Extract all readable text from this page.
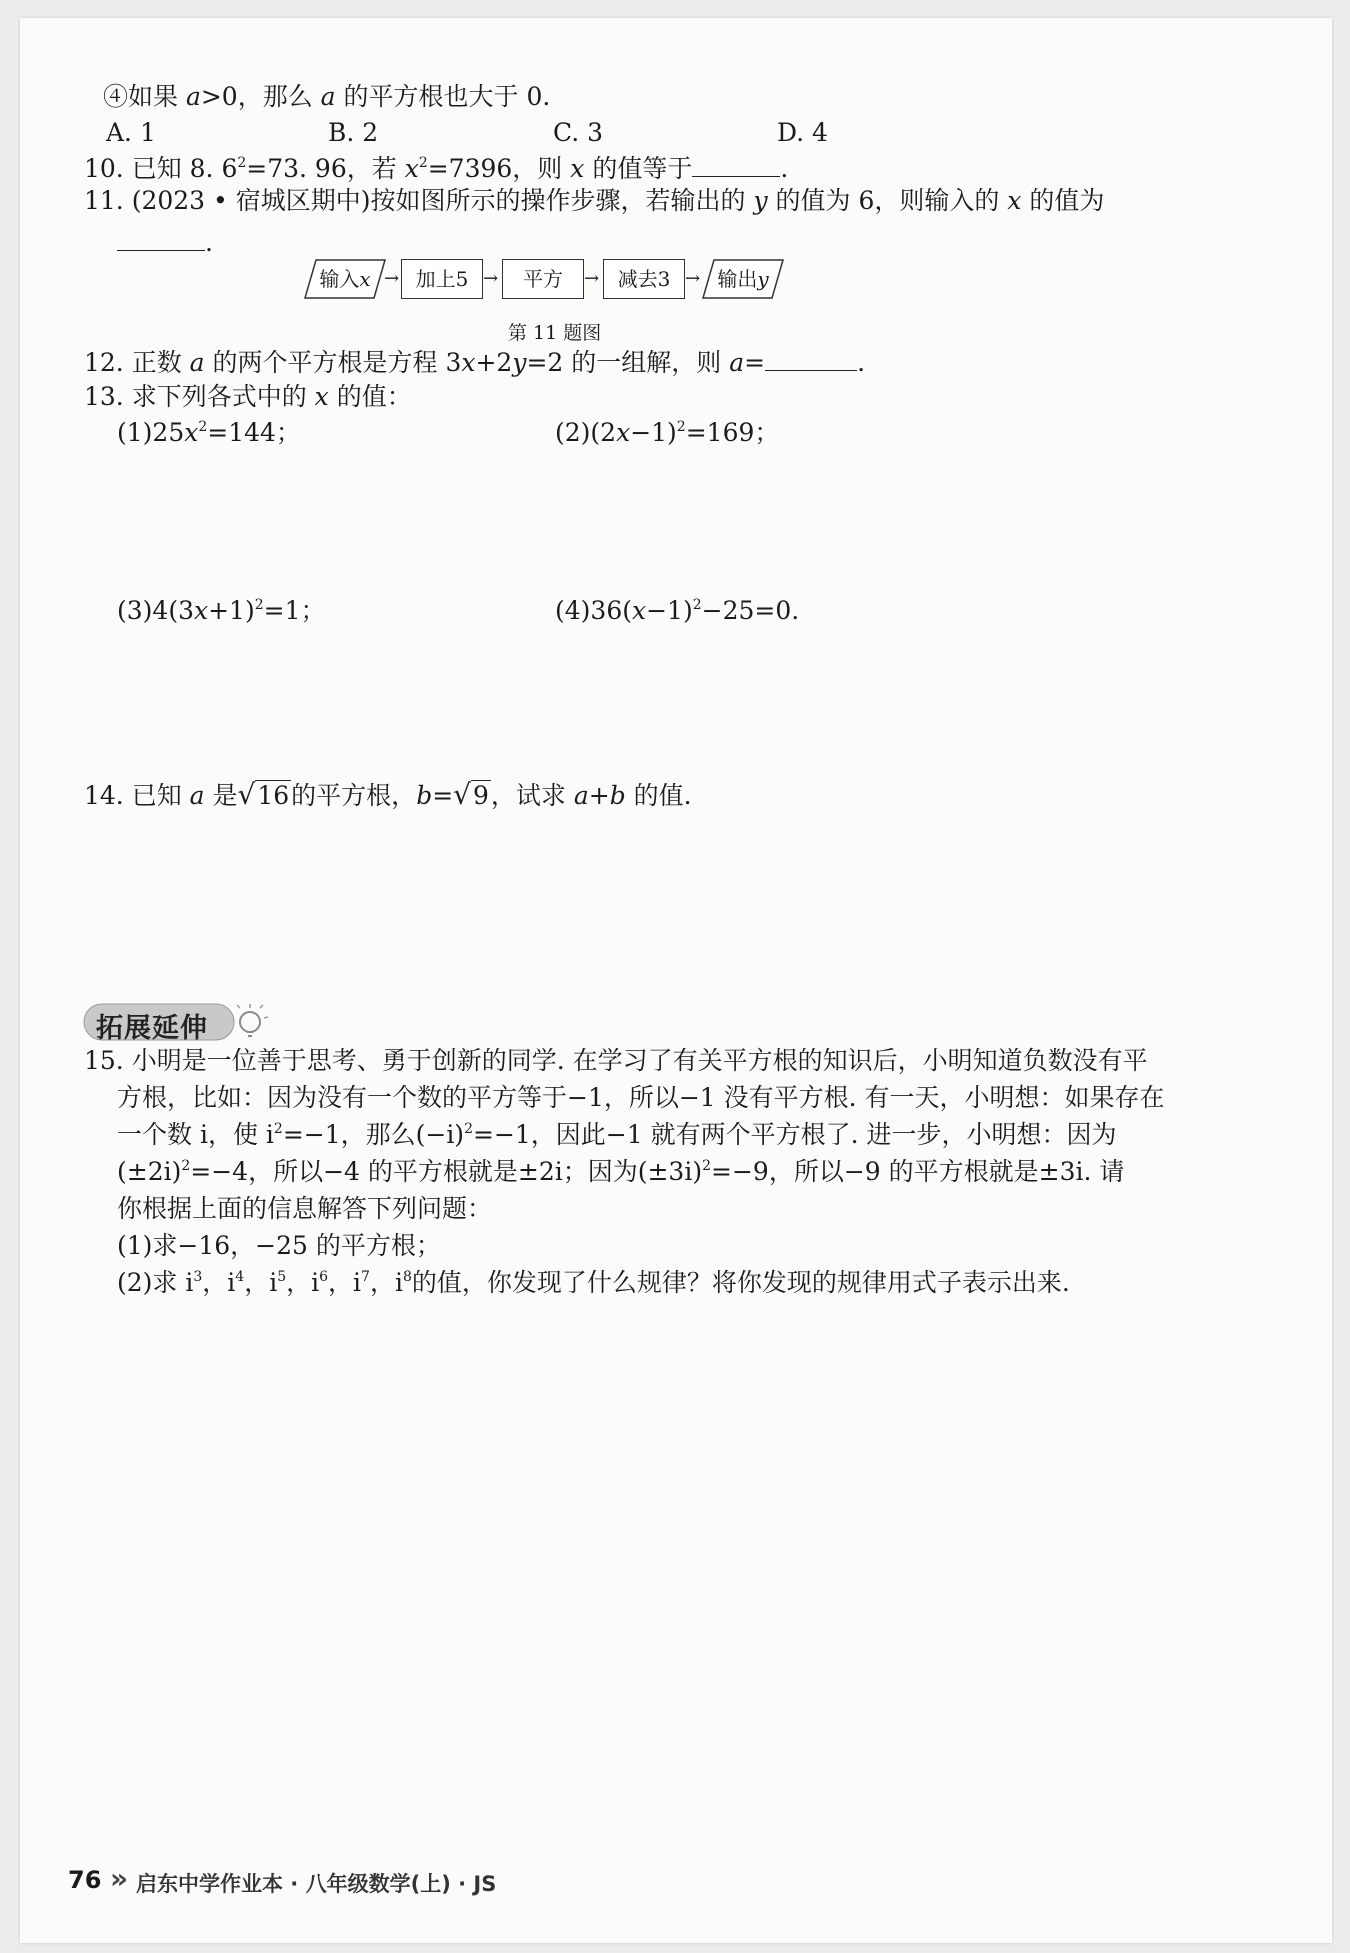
④如果 a>0，那么 a 的平方根也大于 0.
A. 1	B. 2	C. 3	D. 4
10. 已知 8. $6^2=73$. 96，若 $x^2=7396$，则 x 的值等于	.
11. (2023 • 宿城区期中)按如图所示的操作步骤，若输出的 y 的值为 6，则输入的 x 的值为
.
输入x → 加上5 →	平方	→ 减去3 → 输出y
第 11 题图
12. 正数 a 的两个平方根是方程 3x+2y=2 的一组解，则 a=	.
13. 求下列各式中的 x 的值：
$(1)25x^2=144$；	$(2)(2x-1)^2=169$；
$(3)4(3x+1)^2=1$；	$(4)36(x-1)^2-25=0$.
14. 已知 a 是√16的平方根，b=√9，试求 a+b 的值.
拓展延伸
15. 小明是一位善于思考、勇于创新的同学. 在学习了有关平方根的知识后，小明知道负数没有平
方根，比如：因为没有一个数的平方等于−1，所以−1 没有平方根. 有一天，小明想：如果存在
一个数 i，使 $i^2=-1$，那么$(-i)^2=-1$，因此−1 就有两个平方根了. 进一步，小明想：因为
$(\pm 2i)^2=-4$，所以−4 的平方根就是±2i；因为$(\pm 3i)^2=-9$，所以−9 的平方根就是±3i. 请
你根据上面的信息解答下列问题：
(1)求−16，−25 的平方根；
(2)求 $i^3$，$i^4$，$i^5$，$i^6$，$i^7$，$i^8$的值，你发现了什么规律？将你发现的规律用式子表示出来.
76 » 启东中学作业本 · 八年级数学(上) · JS
